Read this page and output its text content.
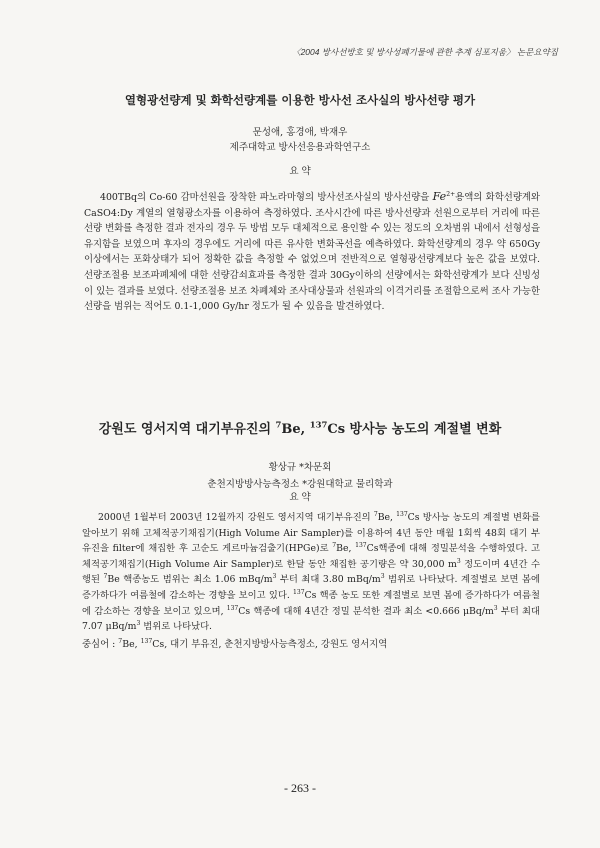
〈2004 방사선방호 및 방사성폐기물에 관한 추계 심포지움〉 논문요약집
열형광선량계 및 화학선량계를 이용한 방사선 조사실의 방사선량 평가
문성애, 홍경애, 박재우
제주대학교 방사선응용과학연구소
요 약

400TBq의 Co-60 감마선원을 장착한 파노라마형의 방사선조사실의 방사선량을 $Fe^{2+}$용액의 화학선량계와 CaSO4:Dy 계열의 열형광소자를 이용하여 측정하였다. 조사시간에 따른 방사선량과 선원으로부터 거리에 따른 선량 변화를 측정한 결과 전자의 경우 두 방법 모두 대체적으로 용인할 수 있는 정도의 오차범위 내에서 선형성을 유지함을 보였으며 후자의 경우에도 거리에 따른 유사한 변화곡선을 예측하였다. 화학선량계의 경우 약 650Gy이상에서는 포화상태가 되어 정확한 값을 측정할 수 없었으며 전반적으로 열형광선량계보다 높은 값을 보였다. 선량조절용 보조파폐체에 대한 선량감쇠효과를 측정한 결과 30Gy이하의 선량에서는 화학선량계가 보다 신빙성이 있는 결과를 보였다. 선량조절용 보조 차폐체와 조사대상물과 선원과의 이격거리를 조절함으로써 조사 가능한 선량을 범위는 적어도 0.1-1,000 Gy/hr 정도가 될 수 있음을 발견하였다.

강원도 영서지역 대기부유진의 $^7$Be, $^{137}$Cs 방사능 농도의 계절별 변화
황상규 *차문회
춘천지방방사능측정소 *강원대학교 물리학과
요 약

2000년 1월부터 2003년 12월까지 강원도 영서지역 대기부유진의 $^7$Be, $^{137}$Cs 방사능 농도의 계절별 변화를 알아보기 위해 고체적공기채집기(High Volume Air Sampler)를 이용하여 4년 동안 매월 1회씩 48회 대기 부유진을 filter에 채집한 후 고순도 게르마늄검출기(HPGe)로 $^7$Be, $^{137}$Cs핵종에 대해 정밀분석을 수행하였다. 고체적공기채집기(High Volume Air Sampler)로 한달 동안 채집한 공기량은 약 30,000 $m^3$ 정도이며 4년간 수행된 $^7$Be 핵종농도 범위는 최소 1.06 mBq/$m^3$ 부터 최대 3.80 mBq/$m^3$ 범위로 나타났다. 계절별로 보면 봄에 증가하다가 여름철에 감소하는 경향을 보이고 있다. $^{137}$Cs 핵종 농도 또한 계절별로 보면 봄에 증가하다가 여름철에 감소하는 경향을 보이고 있으며, $^{137}$Cs 핵종에 대해 4년간 정밀 분석한 결과 최소 <0.666 μBq/$m^3$ 부터 최대 7.07 μBq/$m^3$ 범위로 나타났다.

중심어 : $^7$Be, $^{137}$Cs, 대기 부유진, 춘천지방방사능측정소, 강원도 영서지역
- 263 -
